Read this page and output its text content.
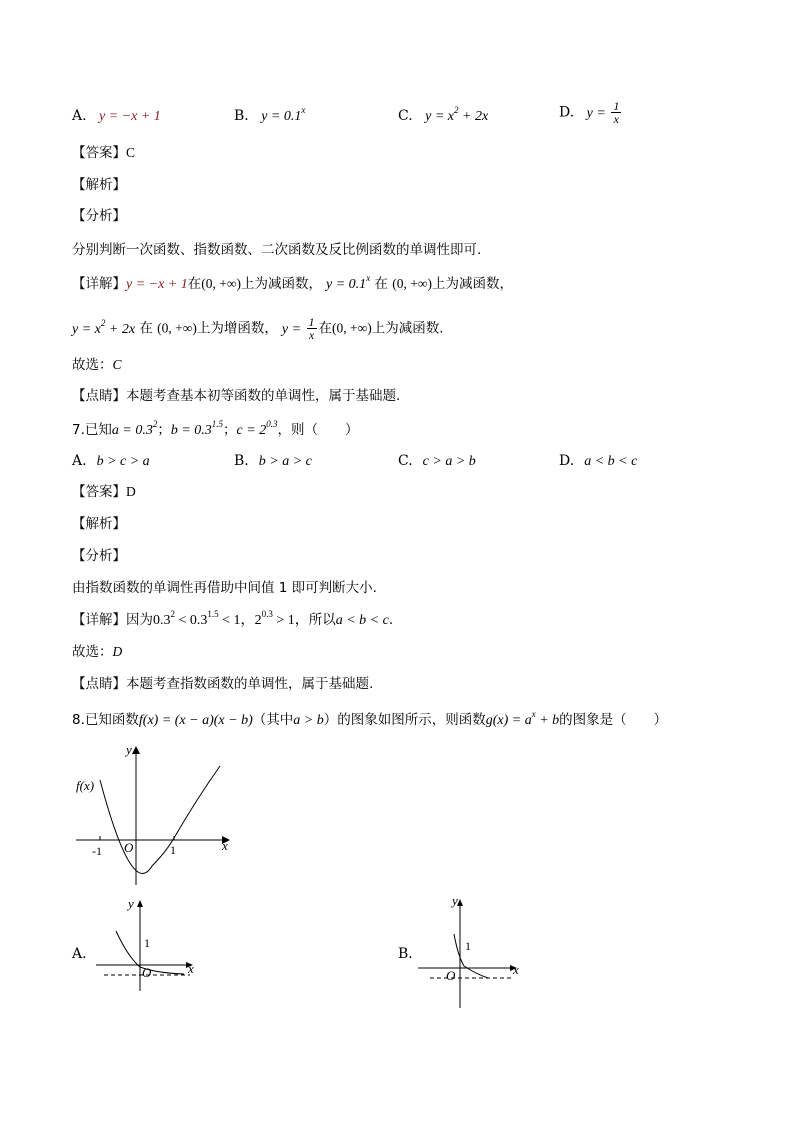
A. y = −x + 1	B. $y = 0.1^x$	C. $y = x^2 + 2x$	D. $y = \frac{1}{x}$
【答案】C
【解析】
【分析】
分别判断一次函数、指数函数、二次函数及反比例函数的单调性即可.
【详解】y = −x + 1在(0, +∞)上为减函数， $y = 0.1^x$ 在 (0, +∞)上为减函数，
$y = x^2 + 2x$ 在 (0, +∞)上为增函数， $y = \frac{1}{x}$ 在(0, +∞)上为减函数.
故选：C
【点睛】本题考查基本初等函数的单调性，属于基础题.
7.已知$a = 0.3^2$；$b = 0.3^{1.5}$；$c = 2^{0.3}$，则（　　）
A. b > c > a	B. b > a > c	C. c > a > b	D. a < b < c
【答案】D
【解析】
【分析】
由指数函数的单调性再借助中间值 1 即可判断大小.
【详解】因为$0.3^2 < 0.3^{1.5} < 1$，$2^{0.3} > 1$，所以a < b < c.
故选：D
【点睛】本题考查指数函数的单调性，属于基础题.
8.已知函数f(x) = (x − a)(x − b)（其中a > b）的图象如图所示，则函数$g(x) = a^x + b$的图象是（　　）
y
x
f(x)
-1 O	1
A.
y
x
1
O
B.
y
x
1
O
